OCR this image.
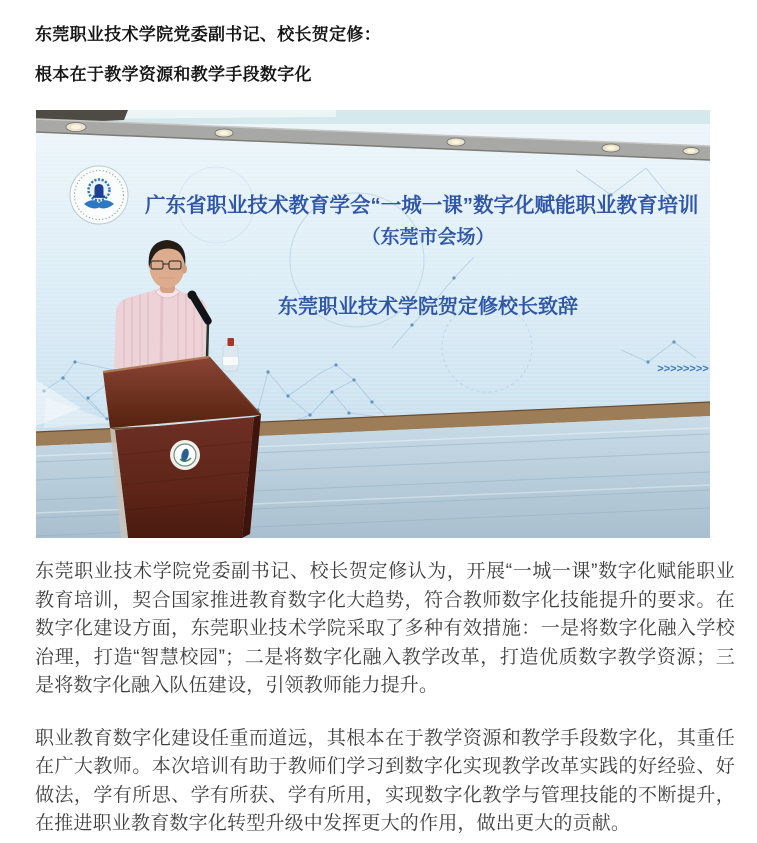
东莞职业技术学院党委副书记、校长贺定修：
根本在于教学资源和教学手段数字化
广东省职业技术教育学会“一城一课”数字化赋能职业教育培训
（东莞市会场）
东莞职业技术学院贺定修校长致辞
>>>>>>>>

东莞职业技术学院党委副书记、校长贺定修认为，开展“一城一课”数字化赋能职业教育培训，契合国家推进教育数字化大趋势，符合教师数字化技能提升的要求。在数字化建设方面，东莞职业技术学院采取了多种有效措施：一是将数字化融入学校治理，打造“智慧校园”；二是将数字化融入教学改革，打造优质数字教学资源；三是将数字化融入队伍建设，引领教师能力提升。

职业教育数字化建设任重而道远，其根本在于教学资源和教学手段数字化，其重任在广大教师。本次培训有助于教师们学习到数字化实现教学改革实践的好经验、好做法，学有所思、学有所获、学有所用，实现数字化教学与管理技能的不断提升，在推进职业教育数字化转型升级中发挥更大的作用，做出更大的贡献。
